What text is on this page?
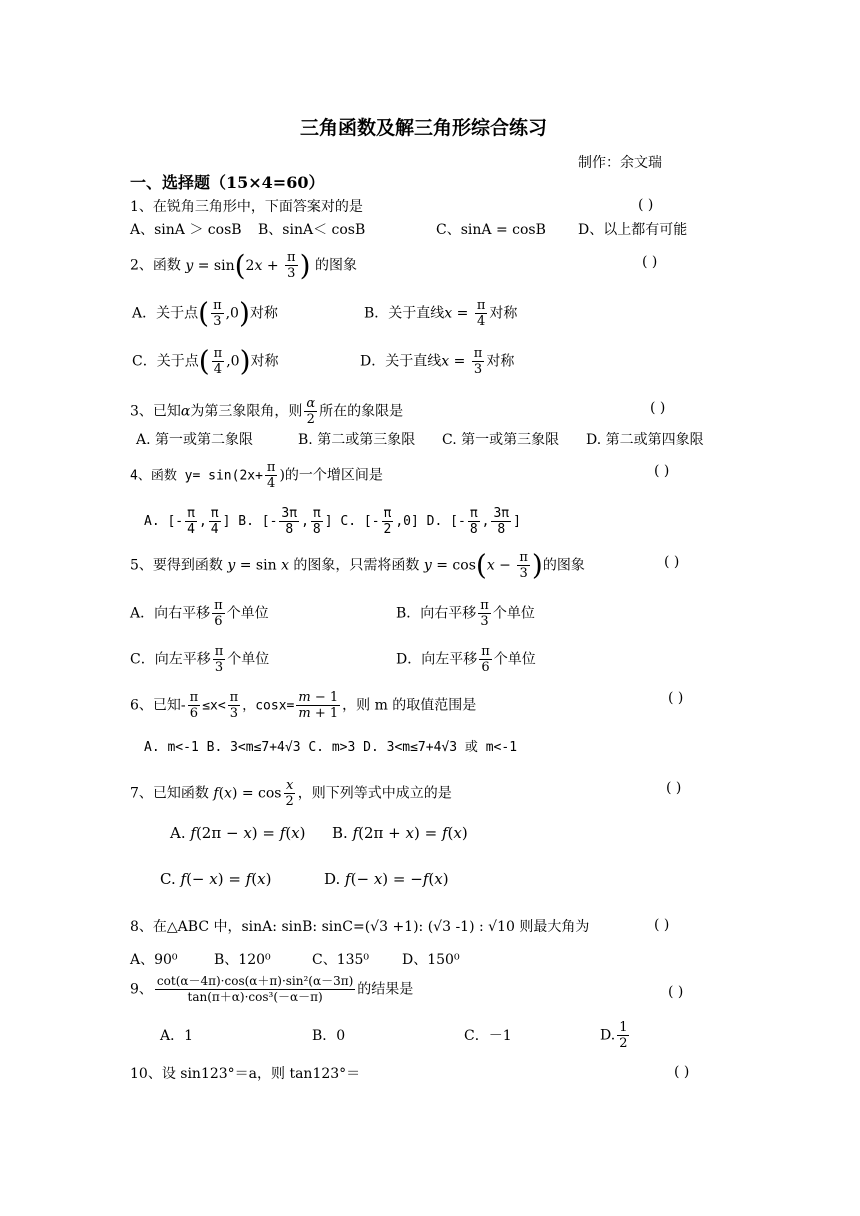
三角函数及解三角形综合练习
制作：余文瑞
一、选择题（15×4=60）
1、在锐角三角形中，下面答案对的是	( )
A、sinA ＞ cosB B、sinA＜ cosB	C、sinA = cosB D、以上都有可能
2、函数 $y = \sin(2x + \frac{\pi}{3}$ ) 的图象	( )
A．关于点( $\frac{\pi}{3} ,0$)对称	B．关于直线$x = \frac{\pi}{4}$ 对称
C．关于点( $\frac{\pi}{4} ,0$)对称	D．关于直线$x = \frac{\pi}{3}$ 对称
3、已知α为第三象限角，则 $\frac{\alpha}{2}$ 所在的象限是	( )
A. 第一或第二象限	B. 第二或第三象限 C. 第一或第三象限 D. 第二或第四象限
4、函数 $y= \sin(2x+ \frac{\pi}{4}$ )的一个增区间是	( )
A. [- $\frac{\pi}{4}$ , $\frac{\pi}{4}$ ] B. [- $\frac{3\pi}{8}$ , $\frac{\pi}{8}$ ] C. [- $\frac{\pi}{2} ,0$] D. [- $\frac{\pi}{8}$ , $\frac{3\pi}{8}$ ]
5、要得到函数 y = sin x 的图象，只需将函数 $y = \cos(x - \frac{\pi}{3}$ )的图象	( )
A．向右平移 $\frac{\pi}{6}$ 个单位	B．向右平移 $\frac{\pi}{3}$ 个单位
C．向左平移 $\frac{\pi}{3}$ 个单位	D．向左平移 $\frac{\pi}{6}$ 个单位
6、已知- $\frac{\pi}{6} \le x< \frac{\pi}{3}$ ，$\cos x= \frac{m - 1}{m + 1}$ ，则 m 的取值范围是	( )
A. m<-1 B. 3<m≤7+4√3 C. m>3 D. 3<m≤7+4√3 或 m<-1
7、已知函数 $f(x) = \cos \frac{x}{2}$ ，则下列等式中成立的是	( )
A. f(2π − x) = f(x) B. f(2π + x) = f(x)
C. f(− x) = f(x)	D. f(− x) = −f(x)
8、在△ABC 中，sinA: sinB: sinC=(√3 +1): (√3 -1) : √10 则最大角为	( )
A、90⁰	B、120⁰	C、135⁰ D、150⁰
9、 $\frac{\text{cot(α－4π)·cos(α＋π)·sin²(α－3π)}}{\text{tan(π＋α)·cos³(－α－π)}}$ 的结果是	( )
A．1	B．0	C．－1	D. $\frac{1}{2}$
10、设 sin123°＝a，则 tan123°＝	( )
